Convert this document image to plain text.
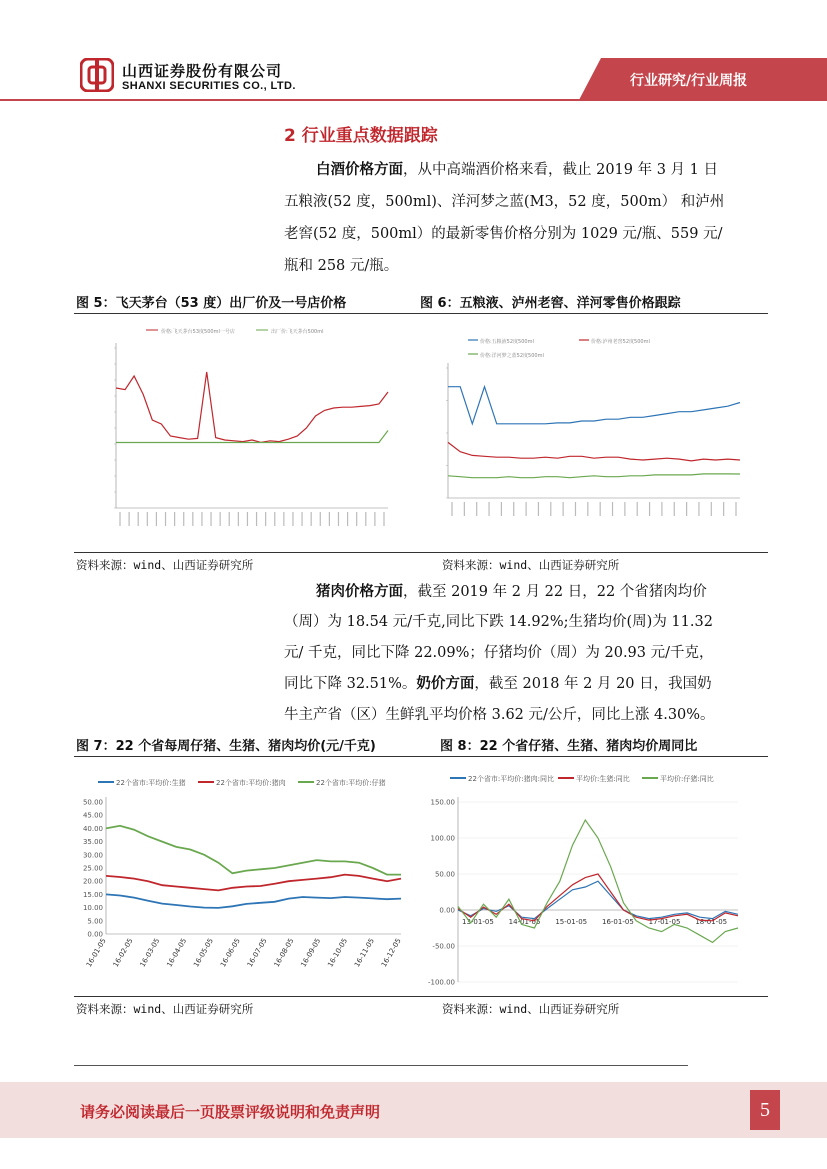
山西证券股份有限公司
SHANXI SECURITIES CO., LTD.	行业研究/行业周报
2 行业重点数据跟踪
白酒价格方面，从中高端酒价格来看，截止 2019 年 3 月 1 日
五粮液(52 度，500ml)、洋河梦之蓝(M3，52 度，500m） 和泸州
老窖(52 度，500ml）的最新零售价格分别为 1029 元/瓶、559 元/
瓶和 258 元/瓶。
图 5：飞天茅台（53 度）出厂价及一号店价格	图 6：五粮液、泸州老窖、洋河零售价格跟踪
价格:飞天茅台53度500ml一号店	出厂价:飞天茅台500ml
价格:五粮液52度500ml	价格:泸州老窖52度500ml
价格:洋河梦之蓝52度500ml
资料来源：wind、山西证券研究所	资料来源：wind、山西证券研究所
猪肉价格方面，截至 2019 年 2 月 22 日，22 个省猪肉均价
（周）为 18.54 元/千克,同比下跌 14.92%;生猪均价(周)为 11.32
元/ 千克，同比下降 22.09%；仔猪均价（周）为 20.93 元/千克，
同比下降 32.51%。奶价方面，截至 2018 年 2 月 20 日，我国奶
牛主产省（区）生鲜乳平均价格 3.62 元/公斤，同比上涨 4.30%。
图 7：22 个省每周仔猪、生猪、猪肉均价(元/千克)	图 8：22 个省仔猪、生猪、猪肉均价周同比
22个省市:平均价:生猪	22个省市:平均价:猪肉	22个省市:平均价:仔猪
0.00
5.00
10.00
15.00
20.00
25.00
30.00
35.00
40.00
45.00
50.00
16-01-05 16-02-05 16-03-05 16-04-05 16-05-05 16-06-05 16-07-05 16-08-05 16-09-05 16-10-05 16-11-05 16-12-05
22个省市:平均价:猪肉:同比	平均价:生猪:同比	平均价:仔猪:同比
-100.00
-50.00
0.00
50.00
100.00
150.00
13-01-05 14-01-05 15-01-05 16-01-05 17-01-05 18-01-05
资料来源：wind、山西证券研究所	资料来源：wind、山西证券研究所
请务必阅读最后一页股票评级说明和免责声明	5
